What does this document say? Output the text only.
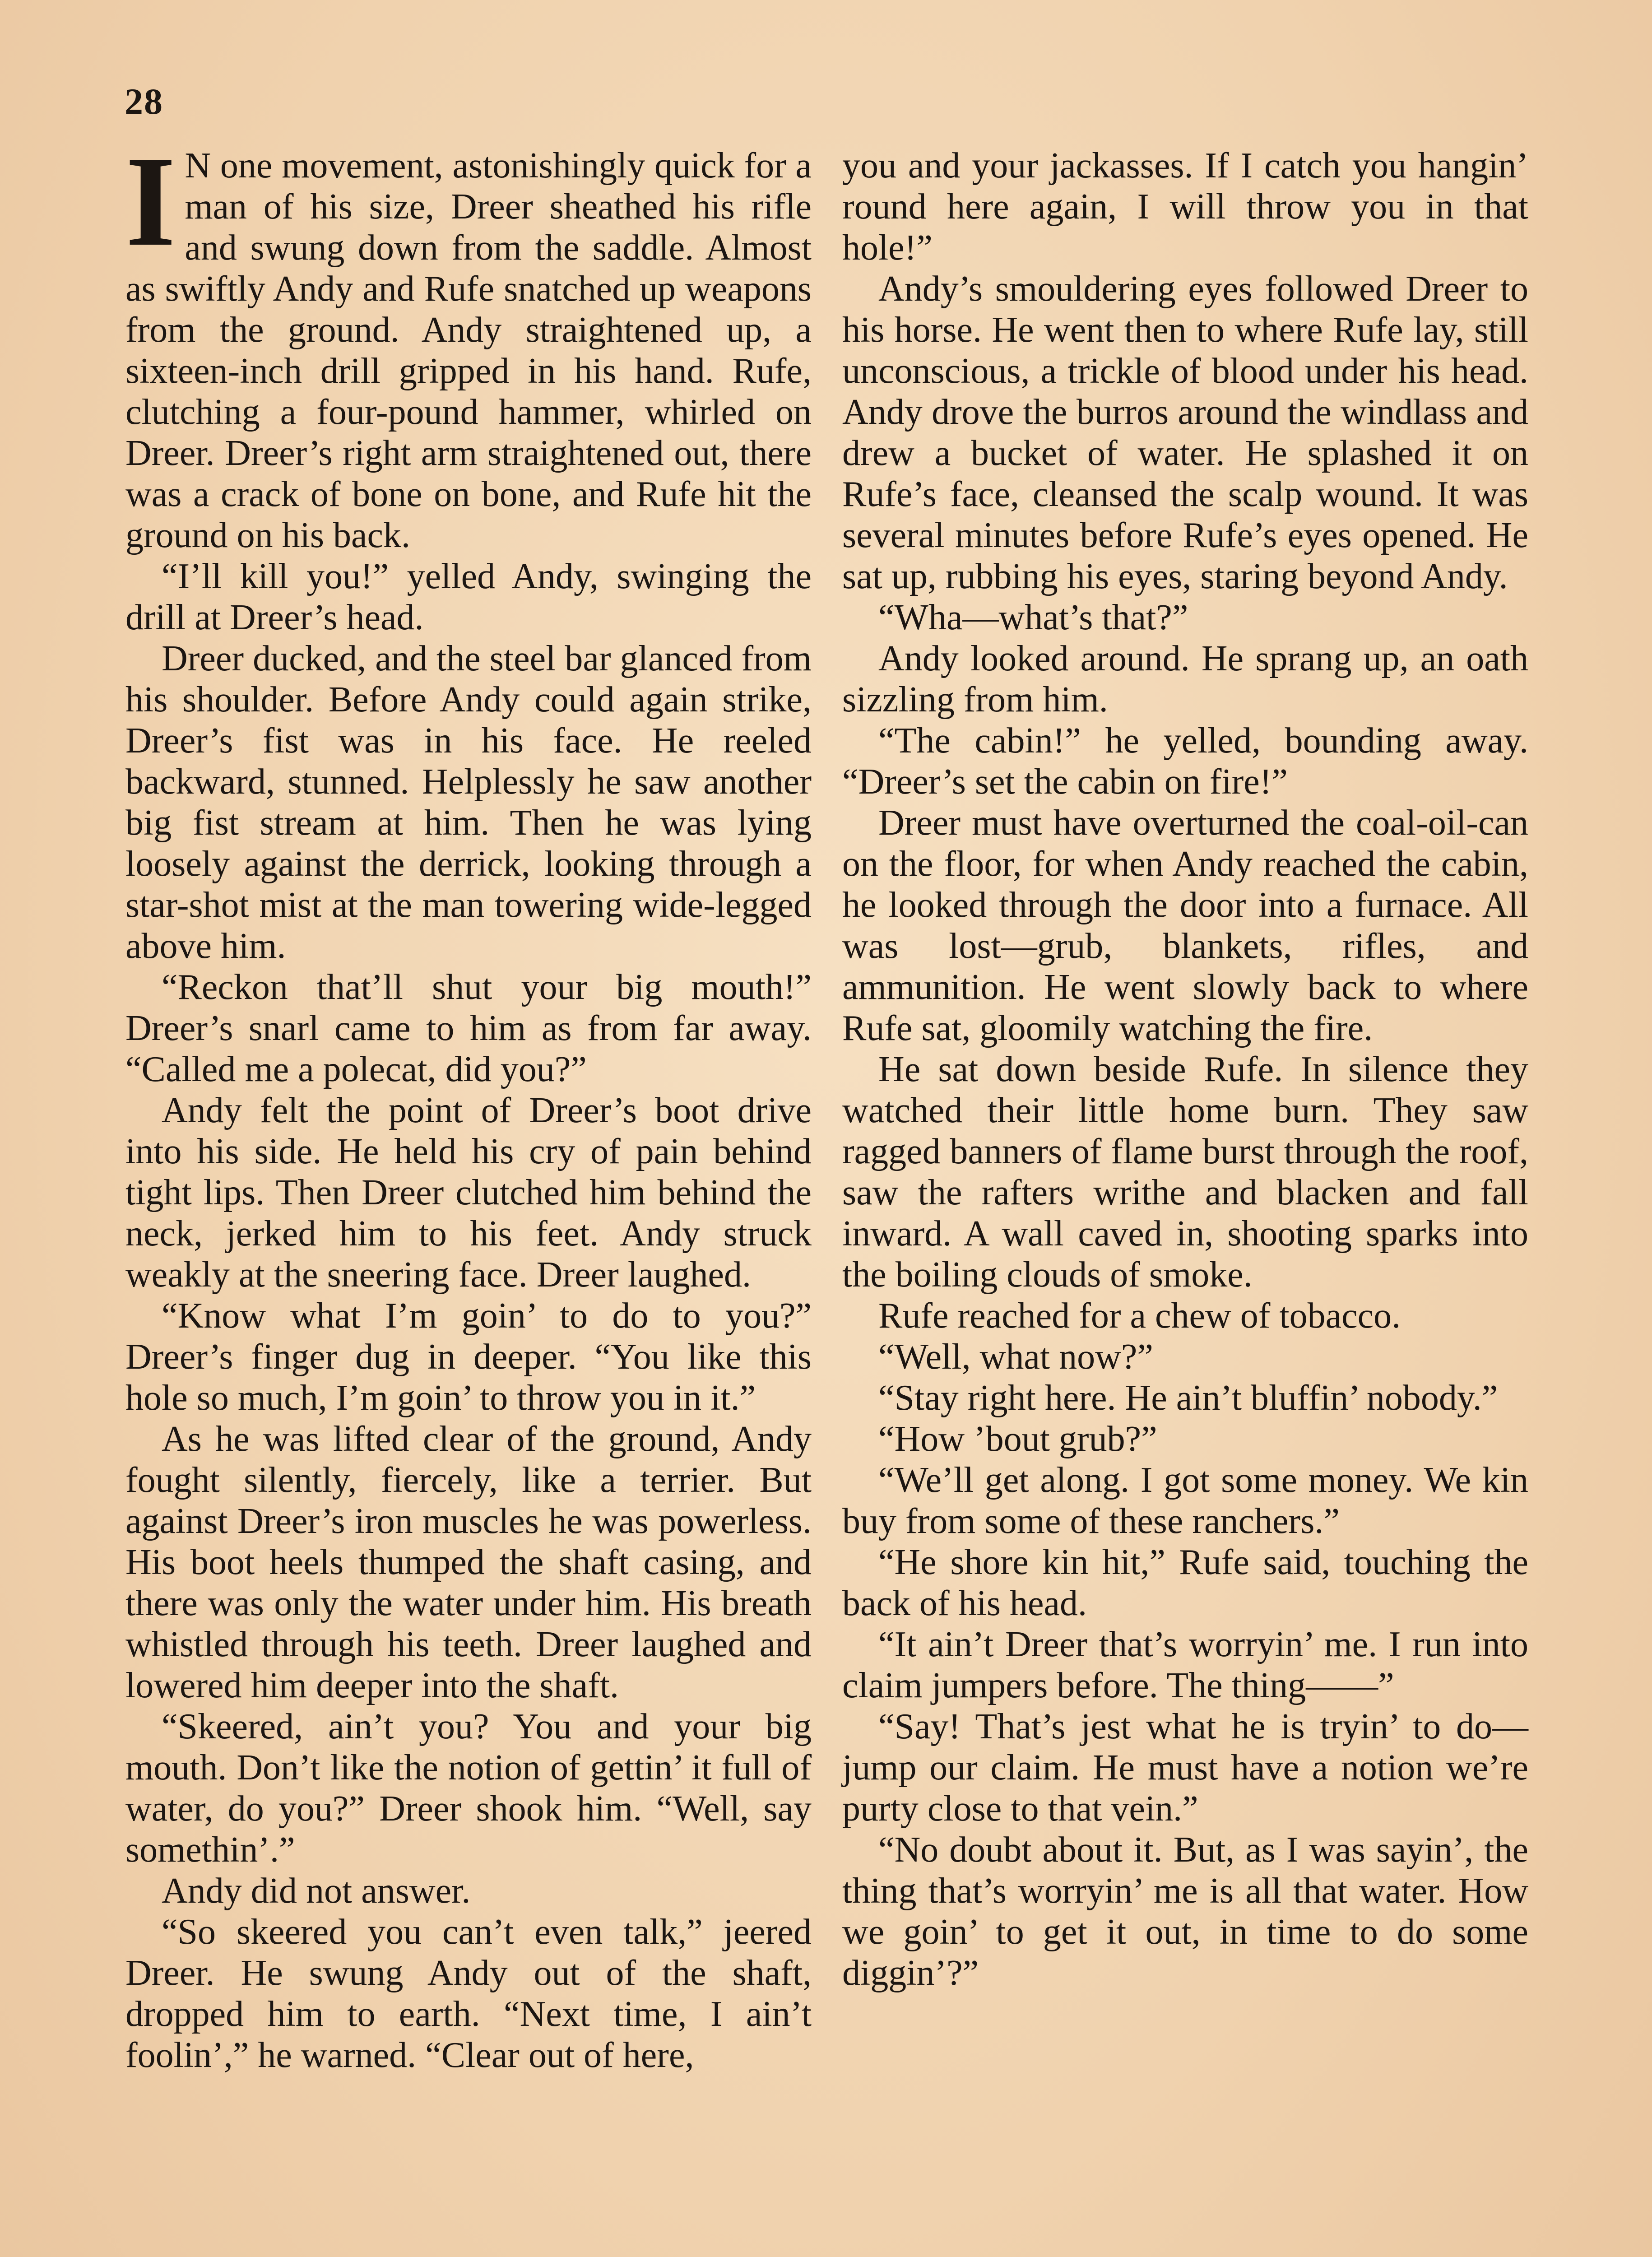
28

I N one movement, astonishingly quick for a man of his size, Dreer sheathed his rifle and swung down from the saddle. Almost as swiftly Andy and Rufe snatched up weapons from the ground. Andy straightened up, a sixteen-inch drill gripped in his hand. Rufe, clutching a four-pound hammer, whirled on Dreer. Dreer’s right arm straightened out, there was a crack of bone on bone, and Rufe hit the ground on his back.

“I’ll kill you!” yelled Andy, swinging the drill at Dreer’s head.

Dreer ducked, and the steel bar glanced from his shoulder. Before Andy could again strike, Dreer’s fist was in his face. He reeled backward, stunned. Helplessly he saw another big fist stream at him. Then he was lying loosely against the derrick, looking through a star-shot mist at the man towering wide-legged above him.

“Reckon that’ll shut your big mouth!” Dreer’s snarl came to him as from far away. “Called me a polecat, did you?”

Andy felt the point of Dreer’s boot drive into his side. He held his cry of pain behind tight lips. Then Dreer clutched him behind the neck, jerked him to his feet. Andy struck weakly at the sneering face. Dreer laughed.

“Know what I’m goin’ to do to you?” Dreer’s finger dug in deeper. “You like this hole so much, I’m goin’ to throw you in it.”

As he was lifted clear of the ground, Andy fought silently, fiercely, like a terrier. But against Dreer’s iron muscles he was powerless. His boot heels thumped the shaft casing, and there was only the water under him. His breath whistled through his teeth. Dreer laughed and lowered him deeper into the shaft.

“Skeered, ain’t you? You and your big mouth. Don’t like the notion of gettin’ it full of water, do you?” Dreer shook him. “Well, say somethin’.”

Andy did not answer.

“So skeered you can’t even talk,” jeered Dreer. He swung Andy out of the shaft, dropped him to earth. “Next time, I ain’t foolin’,” he warned. “Clear out of here,

you and your jackasses. If I catch you hangin’ round here again, I will throw you in that hole!”

Andy’s smouldering eyes followed Dreer to his horse. He went then to where Rufe lay, still unconscious, a trickle of blood under his head. Andy drove the burros around the windlass and drew a bucket of water. He splashed it on Rufe’s face, cleansed the scalp wound. It was several minutes before Rufe’s eyes opened. He sat up, rubbing his eyes, staring beyond Andy.

“Wha—what’s that?”

Andy looked around. He sprang up, an oath sizzling from him.

“The cabin!” he yelled, bounding away. “Dreer’s set the cabin on fire!”

Dreer must have overturned the coal-oil-can on the floor, for when Andy reached the cabin, he looked through the door into a furnace. All was lost—grub, blankets, rifles, and ammunition. He went slowly back to where Rufe sat, gloomily watching the fire.

He sat down beside Rufe. In silence they watched their little home burn. They saw ragged banners of flame burst through the roof, saw the rafters writhe and blacken and fall inward. A wall caved in, shooting sparks into the boiling clouds of smoke.

Rufe reached for a chew of tobacco.

“Well, what now?”

“Stay right here. He ain’t bluffin’ nobody.”

“How ’bout grub?”

“We’ll get along. I got some money. We kin buy from some of these ranchers.”

“He shore kin hit,” Rufe said, touching the back of his head.

“It ain’t Dreer that’s worryin’ me. I run into claim jumpers before. The thing——”

“Say! That’s jest what he is tryin’ to do—jump our claim. He must have a notion we’re purty close to that vein.”

“No doubt about it. But, as I was sayin’, the thing that’s worryin’ me is all that water. How we goin’ to get it out, in time to do some diggin’?”
